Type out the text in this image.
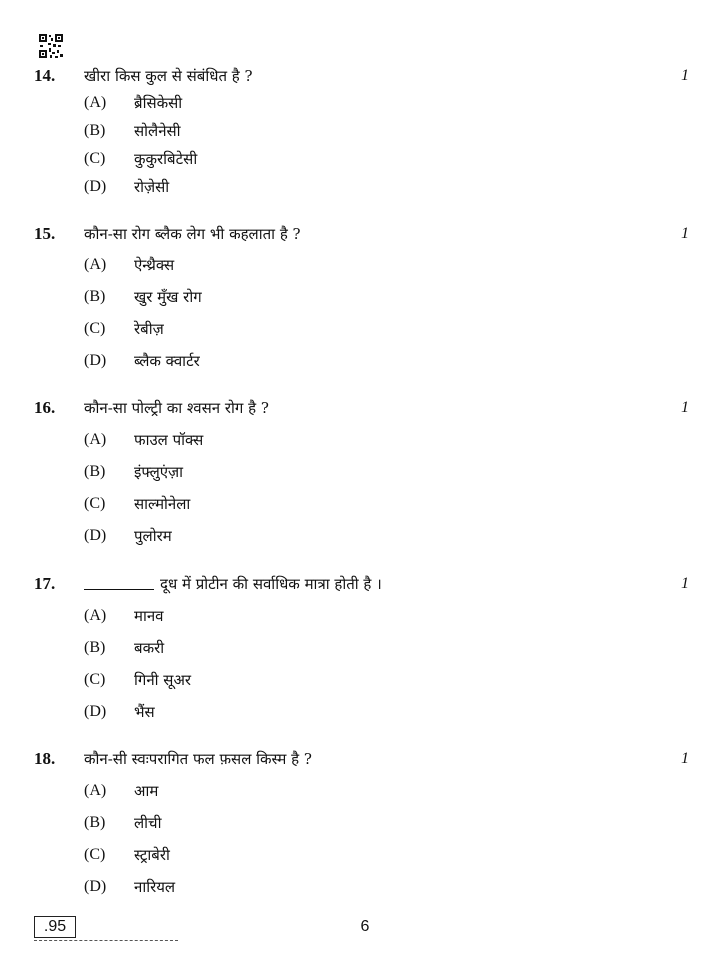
14. खीरा किस कुल से संबंधित है ?	1
(A) ब्रैसिकेसी
(B) सोलैनेसी
(C) कुकुरबिटेसी
(D) रोज़ेसी
15. कौन-सा रोग ब्लैक लेग भी कहलाता है ?	1
(A) ऐन्थ्रैक्स
(B) खुर मुँख रोग
(C) रेबीज़
(D) ब्लैक क्वार्टर
16. कौन-सा पोल्ट्री का श्वसन रोग है ?	1
(A) फाउल पॉक्स
(B) इंफ्लुएंज़ा
(C) साल्मोनेला
(D) पुलोरम
17.	दूध में प्रोटीन की सर्वाधिक मात्रा होती है ।	1
(A) मानव
(B) बकरी
(C) गिनी सूअर
(D) भैंस
18. कौन-सी स्वःपरागित फल फ़सल किस्म है ?	1
(A) आम
(B) लीची
(C) स्ट्राबेरी
(D) नारियल
.95	6
